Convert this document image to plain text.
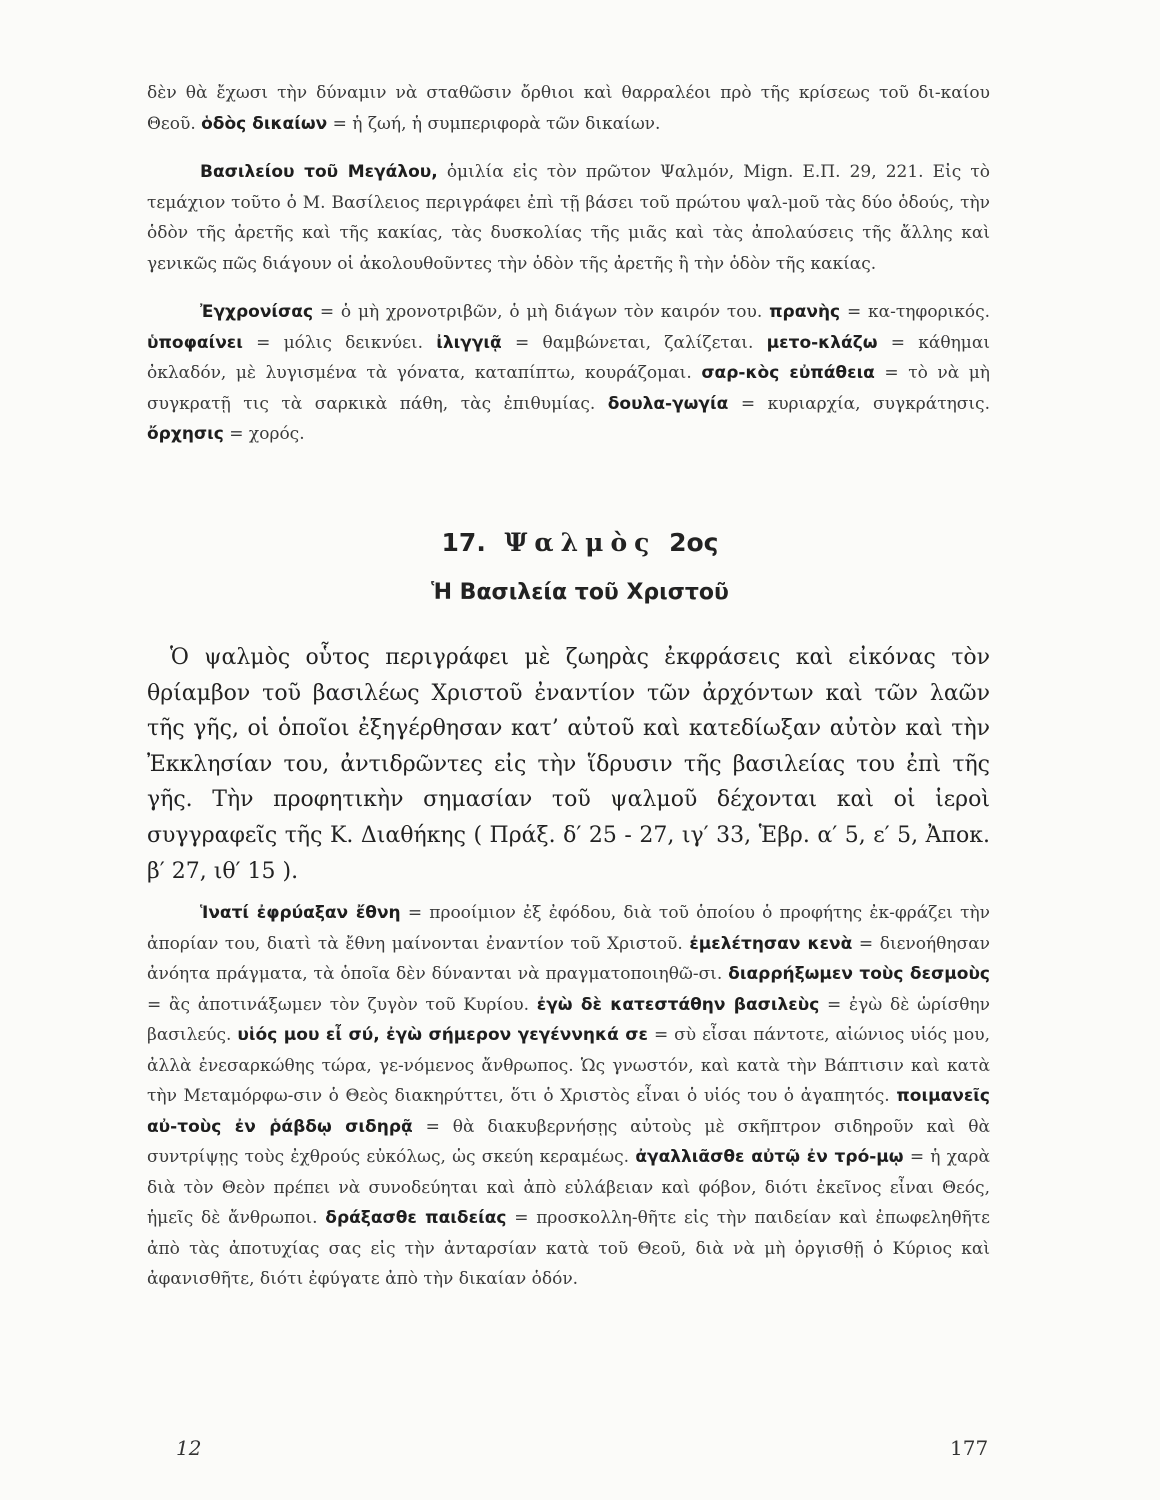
δὲν θὰ ἔχωσι τὴν δύναμιν νὰ σταθῶσιν ὄρθιοι καὶ θαρραλέοι πρὸ τῆς κρίσεως τοῦ δι-καίου Θεοῦ. ὁδὸς δικαίων = ἡ ζωή, ἡ συμπεριφορὰ τῶν δικαίων.

Βασιλείου τοῦ Μεγάλου, ὁμιλία εἰς τὸν πρῶτον Ψαλμόν, Mign. Ε.Π. 29, 221. Εἰς τὸ τεμάχιον τοῦτο ὁ Μ. Βασίλειος περιγράφει ἐπὶ τῇ βάσει τοῦ πρώτου ψαλ-μοῦ τὰς δύο ὁδούς, τὴν ὁδὸν τῆς ἀρετῆς καὶ τῆς κακίας, τὰς δυσκολίας τῆς μιᾶς καὶ τὰς ἀπολαύσεις τῆς ἄλλης καὶ γενικῶς πῶς διάγουν οἱ ἀκολουθοῦντες τὴν ὁδὸν τῆς ἀρετῆς ἢ τὴν ὁδὸν τῆς κακίας.

Ἐγχρονίσας = ὁ μὴ χρονοτριβῶν, ὁ μὴ διάγων τὸν καιρόν του. πρανὴς = κα-τηφορικός. ὑποφαίνει = μόλις δεικνύει. ἰλιγγιᾷ = θαμβώνεται, ζαλίζεται. μετο-κλάζω = κάθημαι ὀκλαδόν, μὲ λυγισμένα τὰ γόνατα, καταπίπτω, κουράζομαι. σαρ-κὸς εὐπάθεια = τὸ νὰ μὴ συγκρατῇ τις τὰ σαρκικὰ πάθη, τὰς ἐπιθυμίας. δουλα-γωγία = κυριαρχία, συγκράτησις. ὄρχησις = χορός.

17. Ψαλμὸς 2ος
Ἡ Βασιλεία τοῦ Χριστοῦ

Ὁ ψαλμὸς οὗτος περιγράφει μὲ ζωηρὰς ἐκφράσεις καὶ εἰκόνας τὸν θρίαμβον τοῦ βασιλέως Χριστοῦ ἐναντίον τῶν ἀρχόντων καὶ τῶν λαῶν τῆς γῆς, οἱ ὁποῖοι ἐξηγέρθησαν κατ’ αὐτοῦ καὶ κατεδίωξαν αὐτὸν καὶ τὴν Ἐκκλησίαν του, ἀντιδρῶντες εἰς τὴν ἵδρυσιν τῆς βασιλείας του ἐπὶ τῆς γῆς. Τὴν προφητικὴν σημασίαν τοῦ ψαλμοῦ δέχονται καὶ οἱ ἱεροὶ συγγραφεῖς τῆς Κ. Διαθήκης ( Πράξ. δ′ 25 - 27, ιγ′ 33, Ἑβρ. α′ 5, ε′ 5, Ἀποκ. β′ 27, ιθ′ 15 ).

Ἱνατί ἐφρύαξαν ἔθνη = προοίμιον ἐξ ἐφόδου, διὰ τοῦ ὁποίου ὁ προφήτης ἐκ-φράζει τὴν ἀπορίαν του, διατὶ τὰ ἔθνη μαίνονται ἐναντίον τοῦ Χριστοῦ. ἐμελέτησαν κενὰ = διενοήθησαν ἀνόητα πράγματα, τὰ ὁποῖα δὲν δύνανται νὰ πραγματοποιηθῶ-σι. διαρρήξωμεν τοὺς δεσμοὺς = ἂς ἀποτινάξωμεν τὸν ζυγὸν τοῦ Κυρίου. ἐγὼ δὲ κατεστάθην βασιλεὺς = ἐγὼ δὲ ὡρίσθην βασιλεύς. υἱός μου εἶ σύ, ἐγὼ σήμερον γεγέννηκά σε = σὺ εἶσαι πάντοτε, αἰώνιος υἱός μου, ἀλλὰ ἐνεσαρκώθης τώρα, γε-νόμενος ἄνθρωπος. Ὡς γνωστόν, καὶ κατὰ τὴν Βάπτισιν καὶ κατὰ τὴν Μεταμόρφω-σιν ὁ Θεὸς διακηρύττει, ὅτι ὁ Χριστὸς εἶναι ὁ υἱός του ὁ ἀγαπητός. ποιμανεῖς αὐ-τοὺς ἐν ῥάβδῳ σιδηρᾷ = θὰ διακυβερνήσῃς αὐτοὺς μὲ σκῆπτρον σιδηροῦν καὶ θὰ συντρίψῃς τοὺς ἐχθρούς εὐκόλως, ὡς σκεύη κεραμέως. ἀγαλλιᾶσθε αὐτῷ ἐν τρό-μῳ = ἡ χαρὰ διὰ τὸν Θεὸν πρέπει νὰ συνοδεύηται καὶ ἀπὸ εὐλάβειαν καὶ φόβον, διότι ἐκεῖνος εἶναι Θεός, ἡμεῖς δὲ ἄνθρωποι. δράξασθε παιδείας = προσκολλη-θῆτε εἰς τὴν παιδείαν καὶ ἐπωφεληθῆτε ἀπὸ τὰς ἀποτυχίας σας εἰς τὴν ἀνταρσίαν κατὰ τοῦ Θεοῦ, διὰ νὰ μὴ ὀργισθῇ ὁ Κύριος καὶ ἀφανισθῆτε, διότι ἐφύγατε ἀπὸ τὴν δικαίαν ὁδόν.

12	177
